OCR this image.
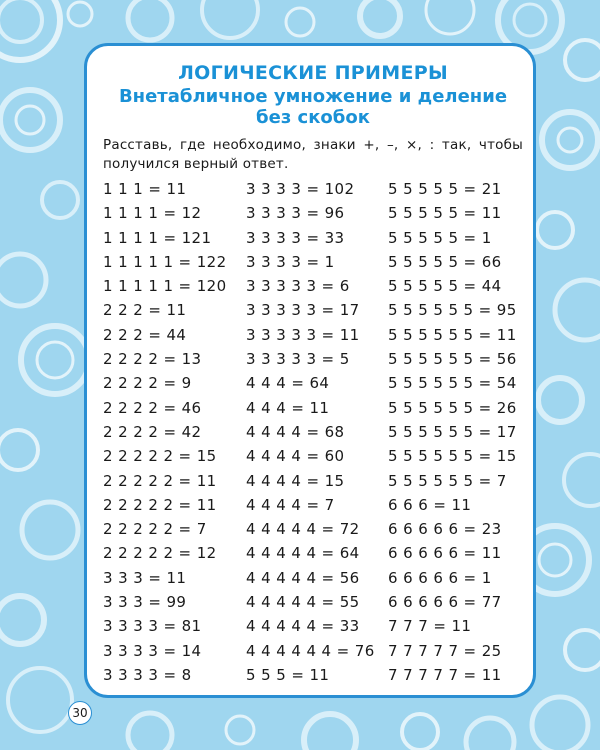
ЛОГИЧЕСКИЕ ПРИМЕРЫ
Внетабличное умножение и деление
без скобок
Расставь, где необходимо, знаки +, –, ×, : так, чтобы получился верный ответ.
1 1 1 = 11
1 1 1 1 = 12
1 1 1 1 = 121
1 1 1 1 1 = 122
1 1 1 1 1 = 120
2 2 2 = 11
2 2 2 = 44
2 2 2 2 = 13
2 2 2 2 = 9
2 2 2 2 = 46
2 2 2 2 = 42
2 2 2 2 2 = 15
2 2 2 2 2 = 11
2 2 2 2 2 = 11
2 2 2 2 2 = 7
2 2 2 2 2 = 12
3 3 3 = 11
3 3 3 = 99
3 3 3 3 = 81
3 3 3 3 = 14
3 3 3 3 = 8
3 3 3 3 = 102
3 3 3 3 = 96
3 3 3 3 = 33
3 3 3 3 = 1
3 3 3 3 3 = 6
3 3 3 3 3 = 17
3 3 3 3 3 = 11
3 3 3 3 3 = 5
4 4 4 = 64
4 4 4 = 11
4 4 4 4 = 68
4 4 4 4 = 60
4 4 4 4 = 15
4 4 4 4 = 7
4 4 4 4 4 = 72
4 4 4 4 4 = 64
4 4 4 4 4 = 56
4 4 4 4 4 = 55
4 4 4 4 4 = 33
4 4 4 4 4 4 = 76
5 5 5 = 11
5 5 5 5 5 = 21
5 5 5 5 5 = 11
5 5 5 5 5 = 1
5 5 5 5 5 = 66
5 5 5 5 5 = 44
5 5 5 5 5 5 = 95
5 5 5 5 5 5 = 11
5 5 5 5 5 5 = 56
5 5 5 5 5 5 = 54
5 5 5 5 5 5 = 26
5 5 5 5 5 5 = 17
5 5 5 5 5 5 = 15
5 5 5 5 5 5 = 7
6 6 6 = 11
6 6 6 6 6 = 23
6 6 6 6 6 = 11
6 6 6 6 6 = 1
6 6 6 6 6 = 77
7 7 7 = 11
7 7 7 7 7 = 25
7 7 7 7 7 = 11
30
